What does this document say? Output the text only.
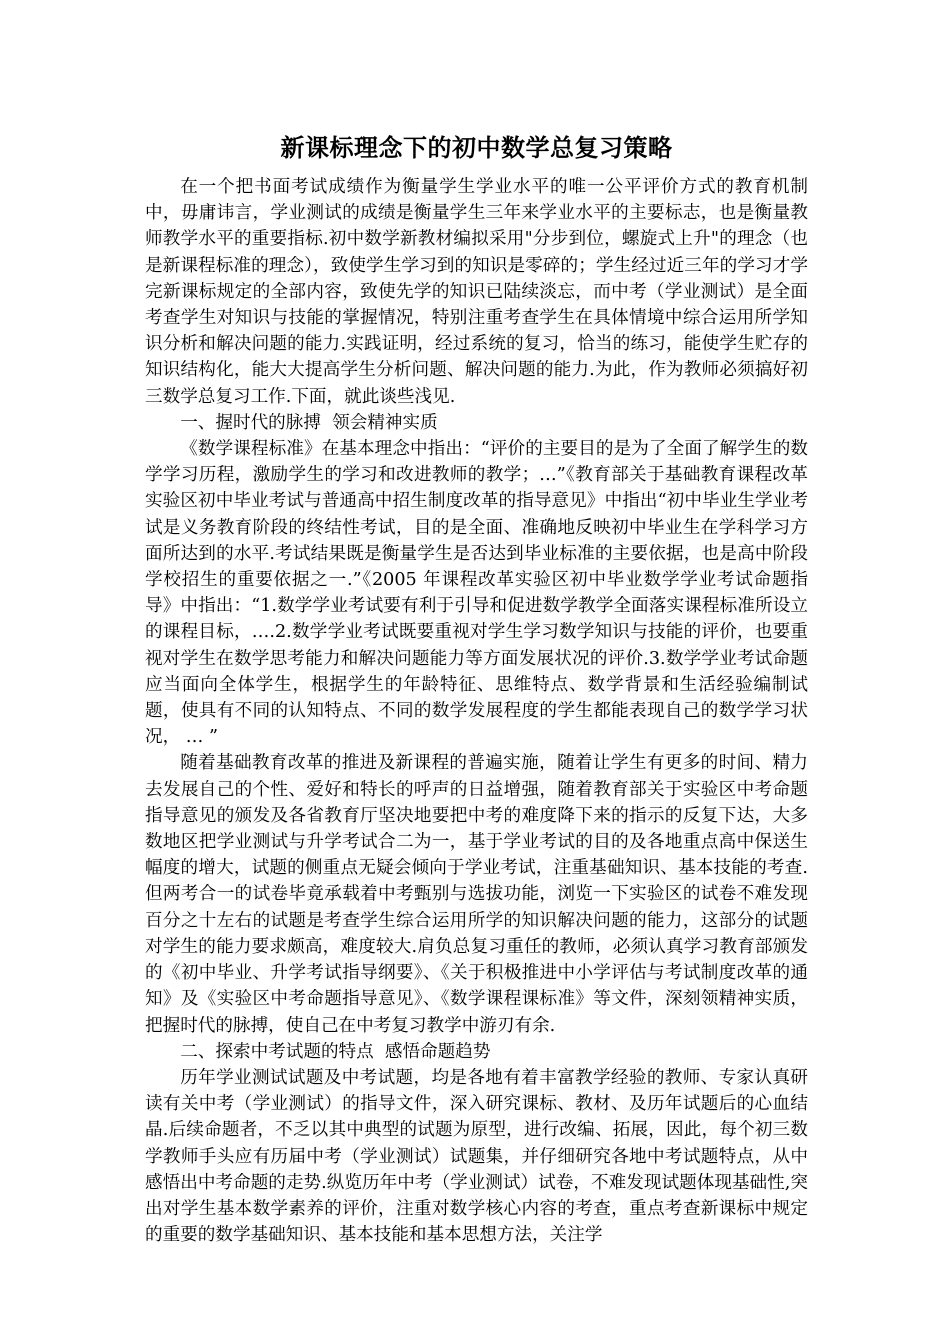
新课标理念下的初中数学总复习策略

在一个把书面考试成绩作为衡量学生学业水平的唯一公平评价方式的教育机制中，毋庸讳言，学业测试的成绩是衡量学生三年来学业水平的主要标志，也是衡量教师教学水平的重要指标.初中数学新教材编拟采用"分步到位，螺旋式上升"的理念（也是新课程标准的理念），致使学生学习到的知识是零碎的；学生经过近三年的学习才学完新课标规定的全部内容，致使先学的知识已陆续淡忘，而中考（学业测试）是全面考查学生对知识与技能的掌握情况，特别注重考查学生在具体情境中综合运用所学知识分析和解决问题的能力.实践证明，经过系统的复习，恰当的练习，能使学生贮存的知识结构化，能大大提高学生分析问题、解决问题的能力.为此，作为教师必须搞好初三数学总复习工作.下面，就此谈些浅见.

一、握时代的脉搏  领会精神实质

《数学课程标准》在基本理念中指出：“评价的主要目的是为了全面了解学生的数学学习历程，激励学生的学习和改进教师的教学；…”《教育部关于基础教育课程改革实验区初中毕业考试与普通高中招生制度改革的指导意见》中指出“初中毕业生学业考试是义务教育阶段的终结性考试，目的是全面、准确地反映初中毕业生在学科学习方面所达到的水平.考试结果既是衡量学生是否达到毕业标准的主要依据，也是高中阶段学校招生的重要依据之一.”《2005 年课程改革实验区初中毕业数学学业考试命题指导》中指出：“1.数学学业考试要有利于引导和促进数学教学全面落实课程标准所设立的课程目标，….2.数学学业考试既要重视对学生学习数学知识与技能的评价，也要重视对学生在数学思考能力和解决问题能力等方面发展状况的评价.3.数学学业考试命题应当面向全体学生，根据学生的年龄特征、思维特点、数学背景和生活经验编制试题，使具有不同的认知特点、不同的数学发展程度的学生都能表现自己的数学学习状况， … ”

随着基础教育改革的推进及新课程的普遍实施，随着让学生有更多的时间、精力去发展自己的个性、爱好和特长的呼声的日益增强，随着教育部关于实验区中考命题指导意见的颁发及各省教育厅坚决地要把中考的难度降下来的指示的反复下达，大多数地区把学业测试与升学考试合二为一，基于学业考试的目的及各地重点高中保送生幅度的增大，试题的侧重点无疑会倾向于学业考试，注重基础知识、基本技能的考查.但两考合一的试卷毕竟承载着中考甄别与选拔功能，浏览一下实验区的试卷不难发现百分之十左右的试题是考查学生综合运用所学的知识解决问题的能力，这部分的试题对学生的能力要求颇高，难度较大.肩负总复习重任的教师，必须认真学习教育部颁发的《初中毕业、升学考试指导纲要》、《关于积极推进中小学评估与考试制度改革的通知》及《实验区中考命题指导意见》、《数学课程课标准》等文件，深刻领精神实质，把握时代的脉搏，使自己在中考复习教学中游刃有余.

二、探索中考试题的特点  感悟命题趋势

历年学业测试试题及中考试题，均是各地有着丰富教学经验的教师、专家认真研读有关中考（学业测试）的指导文件，深入研究课标、教材、及历年试题后的心血结晶.后续命题者，不乏以其中典型的试题为原型，进行改编、拓展，因此，每个初三数学教师手头应有历届中考（学业测试）试题集，并仔细研究各地中考试题特点，从中感悟出中考命题的走势.纵览历年中考（学业测试）试卷，不难发现试题体现基础性,突出对学生基本数学素养的评价，注重对数学核心内容的考查，重点考查新课标中规定的重要的数学基础知识、基本技能和基本思想方法，关注学
